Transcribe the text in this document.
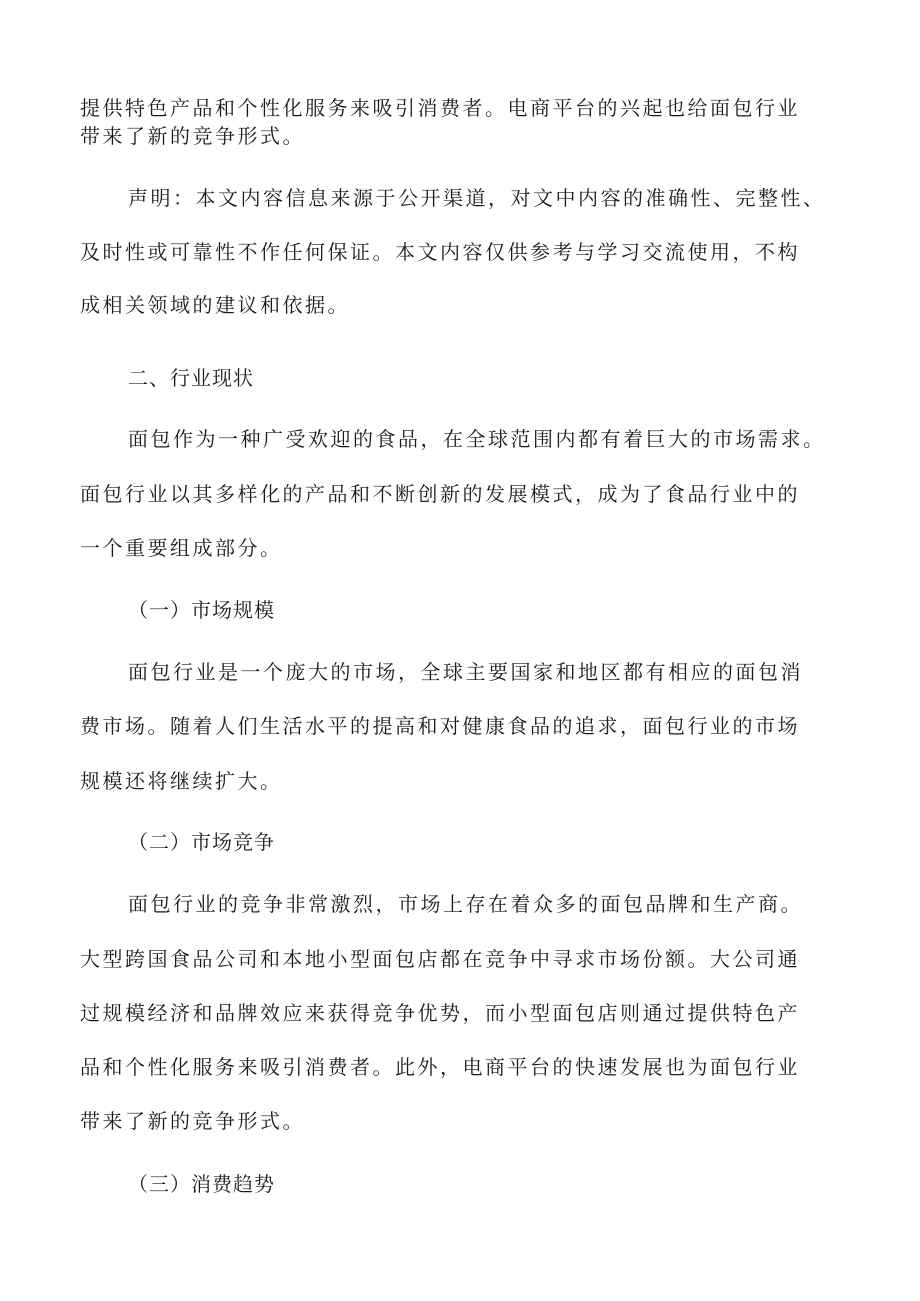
提供特色产品和个性化服务来吸引消费者。电商平台的兴起也给面包行业
带来了新的竞争形式。
声明：本文内容信息来源于公开渠道，对文中内容的准确性、完整性、
及时性或可靠性不作任何保证。本文内容仅供参考与学习交流使用，不构
成相关领域的建议和依据。
二、行业现状
面包作为一种广受欢迎的食品，在全球范围内都有着巨大的市场需求。
面包行业以其多样化的产品和不断创新的发展模式，成为了食品行业中的
一个重要组成部分。
（一）市场规模
面包行业是一个庞大的市场，全球主要国家和地区都有相应的面包消
费市场。随着人们生活水平的提高和对健康食品的追求，面包行业的市场
规模还将继续扩大。
（二）市场竞争
面包行业的竞争非常激烈，市场上存在着众多的面包品牌和生产商。
大型跨国食品公司和本地小型面包店都在竞争中寻求市场份额。大公司通
过规模经济和品牌效应来获得竞争优势，而小型面包店则通过提供特色产
品和个性化服务来吸引消费者。此外，电商平台的快速发展也为面包行业
带来了新的竞争形式。
（三）消费趋势
